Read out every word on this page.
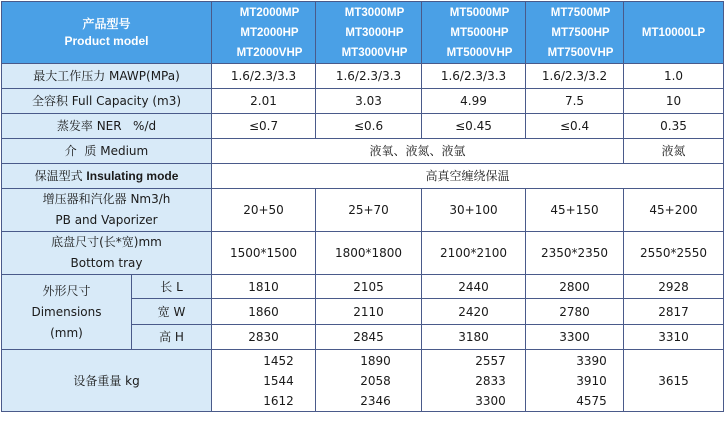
产品型号
Product model		MT2000MP
MT2000HP
MT2000VHP	MT3000MP
MT3000HP
MT3000VHP	MT5000MP
MT5000HP
MT5000VHP	MT7500MP
MT7500HP
MT7500VHP	MT10000LP

最大工作压力 MAWP(MPa)		1.6/2.3/3.3	1.6/2.3/3.3	1.6/2.3/3.3	1.6/2.3/3.2	1.0
全容积 Full Capacity (m3)		2.01	3.03	4.99	7.5	10
蒸发率 NER   %/d		≤0.7	≤0.6	≤0.45	≤0.4	0.35
介  质 Medium		液氧、液氮、液氩				液氮
保温型式 Insulating mode		高真空缠绕保温				

增压器和汽化器 Nm3/h
PB and Vaporizer		20+50	25+70	30+100	45+150	45+200

底盘尺寸(长*宽)mm
Bottom tray		1500*1500	1800*1800	2100*2100	2350*2350	2550*2550

外形尺寸
Dimensions
(mm)	长 L	1810	2105	2440	2800	2928
	宽 W	1860	2110	2420	2780	2817
	高 H	2830	2845	3180	3300	3310
设备重量 kg		1452
1544
1612	1890
2058
2346	2557
2833
3300	3390
3910
4575	3615
